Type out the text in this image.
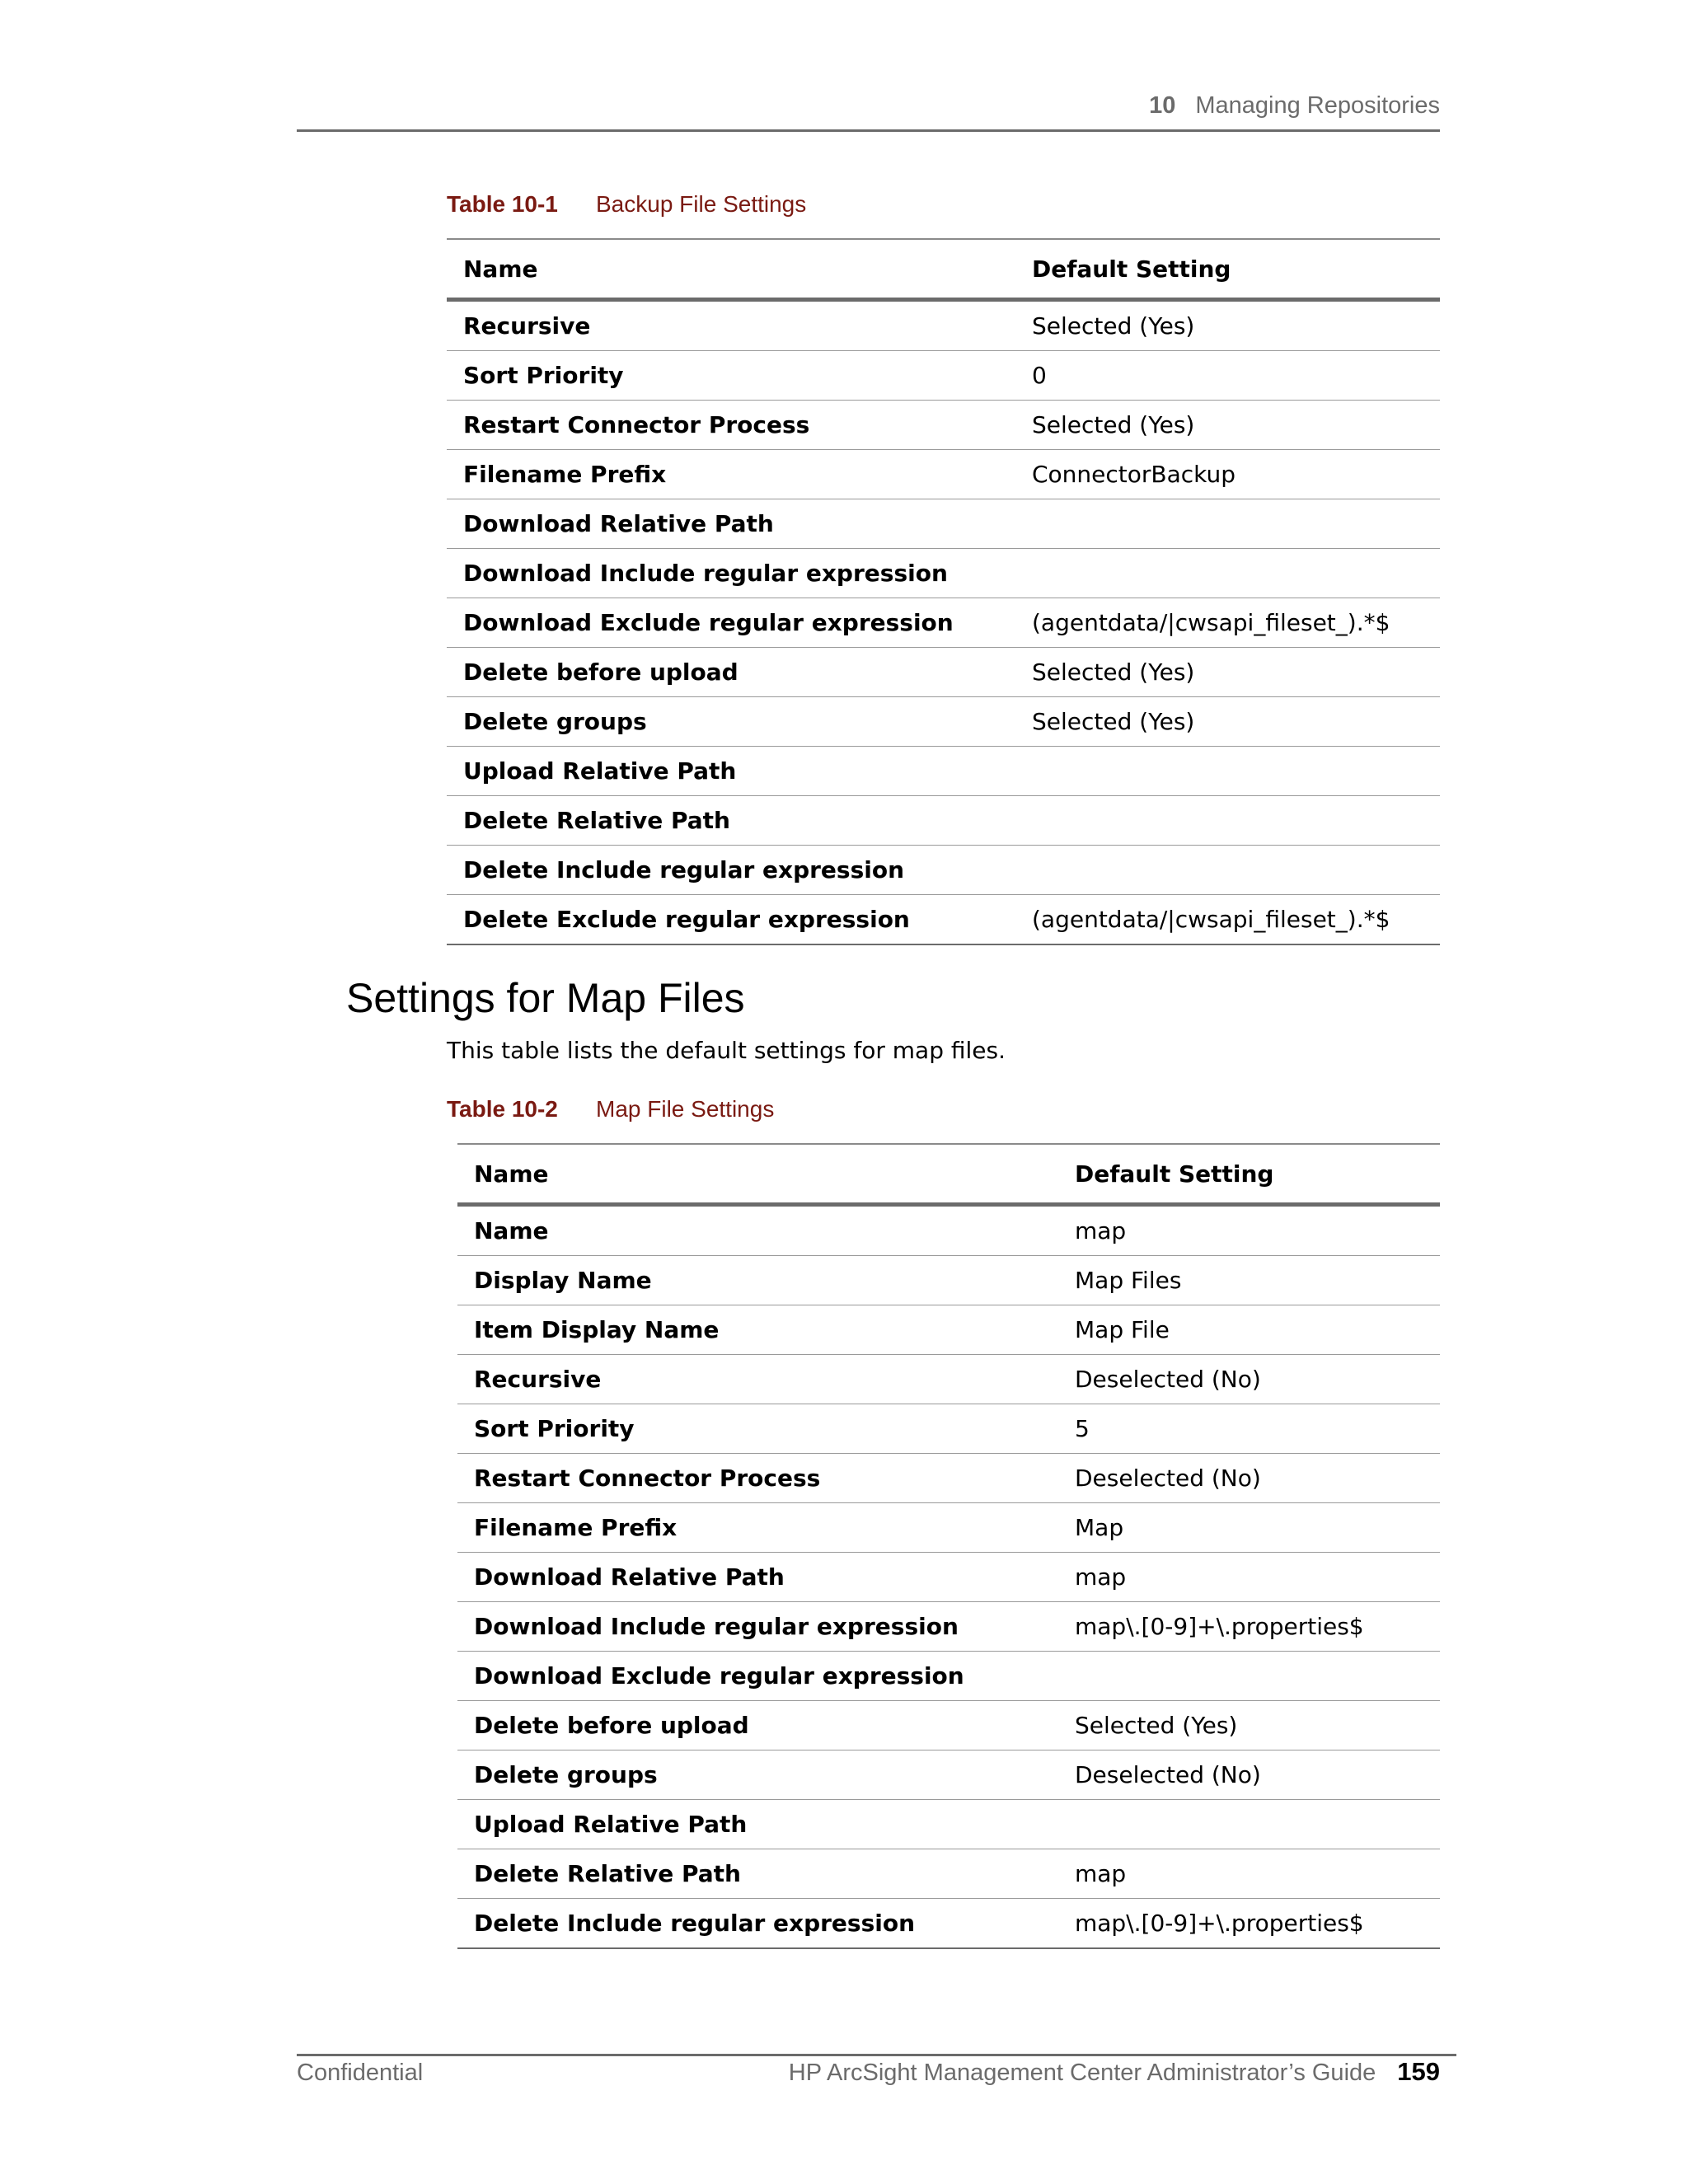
10 Managing Repositories
Table 10-1 Backup File Settings
Name	Default Setting
Recursive	Selected (Yes)
Sort Priority	0
Restart Connector Process	Selected (Yes)
Filename Prefix	ConnectorBackup
Download Relative Path	
Download Include regular expression	
Download Exclude regular expression	(agentdata/|cwsapi_fileset_).*$
Delete before upload	Selected (Yes)
Delete groups	Selected (Yes)
Upload Relative Path	
Delete Relative Path	
Delete Include regular expression	
Delete Exclude regular expression	(agentdata/|cwsapi_fileset_).*$
Settings for Map Files

This table lists the default settings for map files.

Table 10-2 Map File Settings
Name	Default Setting
Name	map
Display Name	Map Files
Item Display Name	Map File
Recursive	Deselected (No)
Sort Priority	5
Restart Connector Process	Deselected (No)
Filename Prefix	Map
Download Relative Path	map
Download Include regular expression	map\.[0-9]+\.properties$
Download Exclude regular expression	
Delete before upload	Selected (Yes)
Delete groups	Deselected (No)
Upload Relative Path	
Delete Relative Path	map
Delete Include regular expression	map\.[0-9]+\.properties$
Confidential	HP ArcSight Management Center Administrator’s Guide 159
